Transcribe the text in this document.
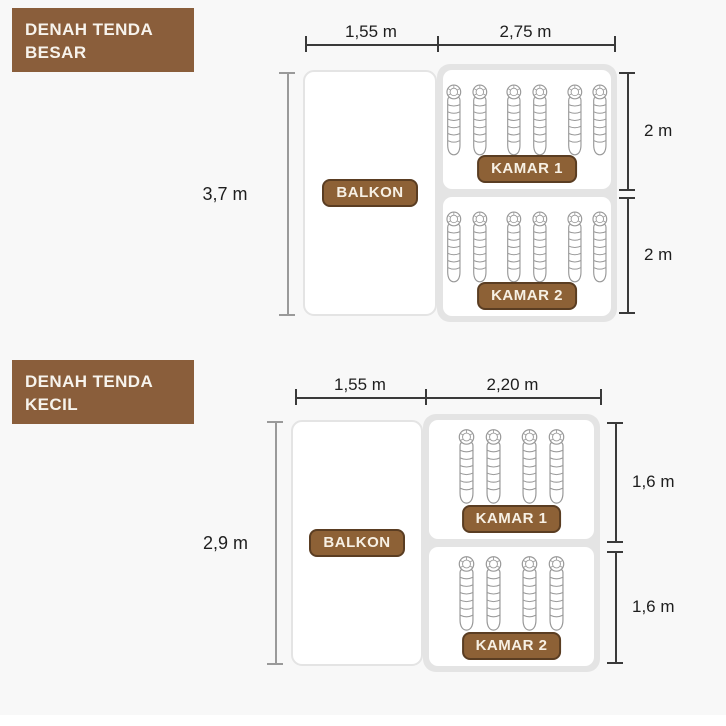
DENAH TENDA BESAR
1,55 m	2,75 m
3,7 m	BALKON
KAMAR 1
KAMAR 2
2 m
2 m
DENAH TENDA KECIL
1,55 m	2,20 m
2,9 m	BALKON
KAMAR 1
KAMAR 2
1,6 m
1,6 m
